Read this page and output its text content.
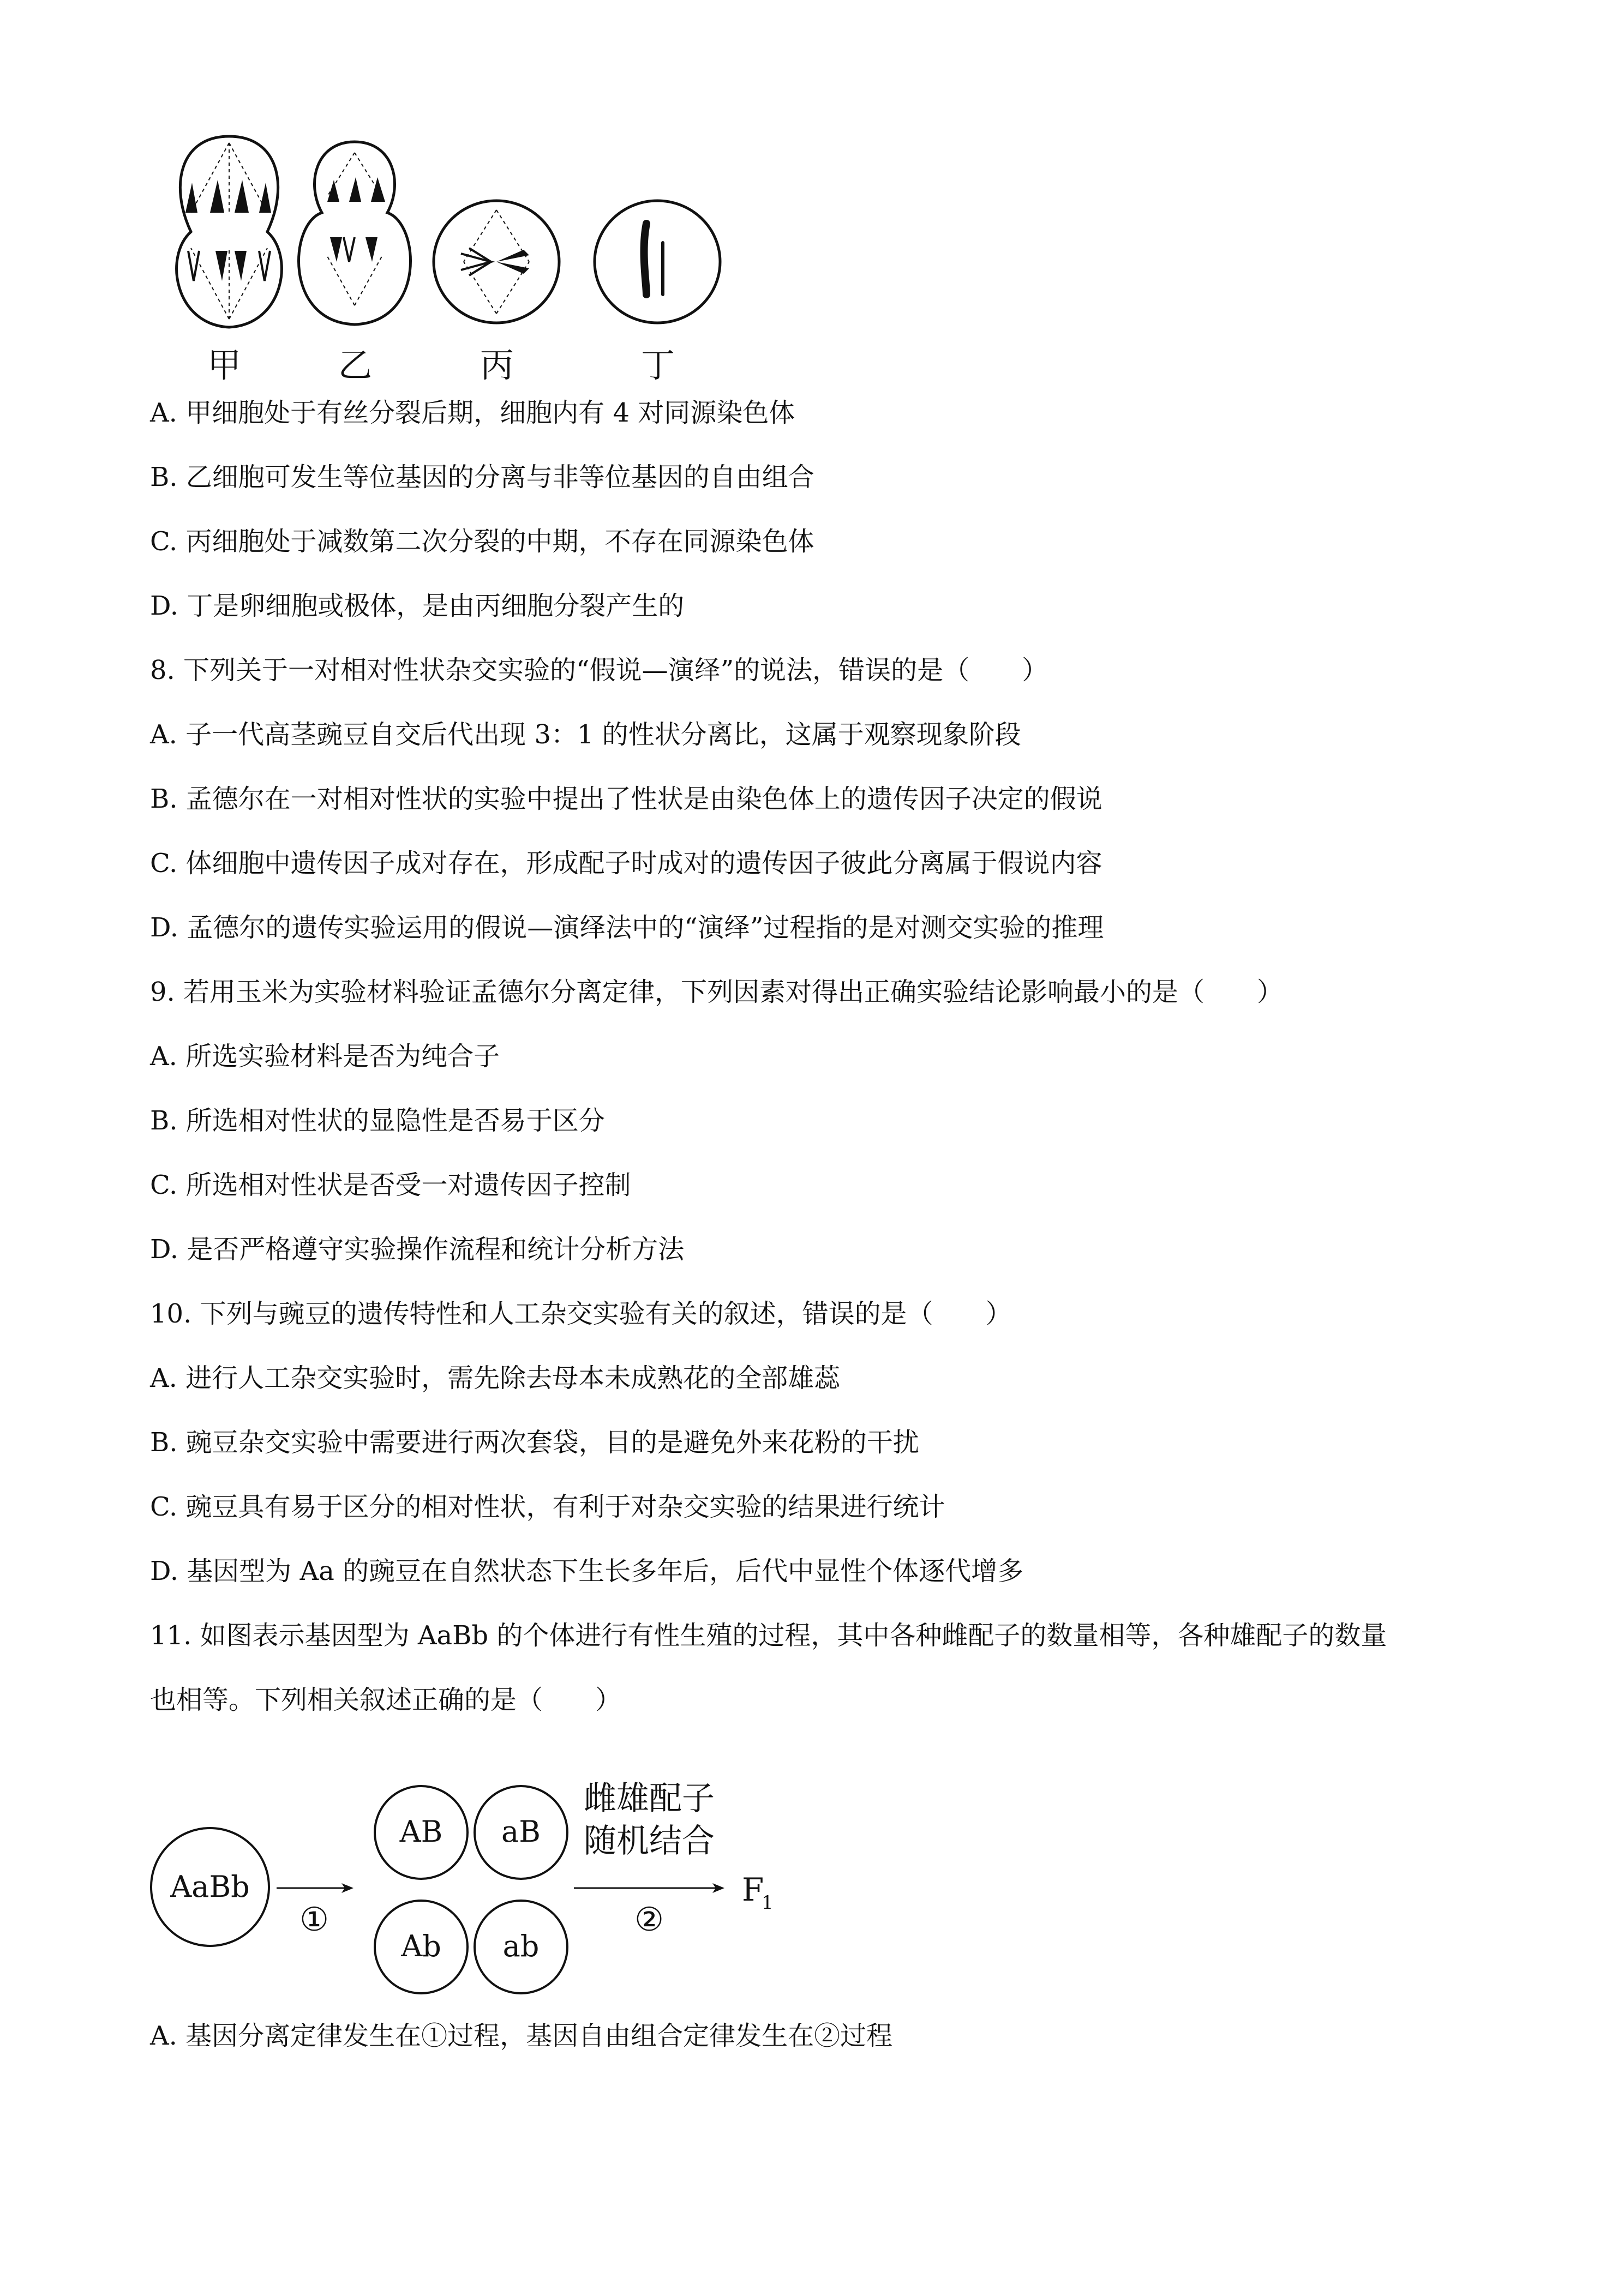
甲	乙	丙	丁
A. 甲细胞处于有丝分裂后期，细胞内有 4 对同源染色体
B. 乙细胞可发生等位基因的分离与非等位基因的自由组合
C. 丙细胞处于减数第二次分裂的中期，不存在同源染色体
D. 丁是卵细胞或极体，是由丙细胞分裂产生的
8. 下列关于一对相对性状杂交实验的“假说—演绎”的说法，错误的是（　　）
A. 子一代高茎豌豆自交后代出现 3：1 的性状分离比，这属于观察现象阶段
B. 孟德尔在一对相对性状的实验中提出了性状是由染色体上的遗传因子决定的假说
C. 体细胞中遗传因子成对存在，形成配子时成对的遗传因子彼此分离属于假说内容
D. 孟德尔的遗传实验运用的假说—演绎法中的“演绎”过程指的是对测交实验的推理
9. 若用玉米为实验材料验证孟德尔分离定律，下列因素对得出正确实验结论影响最小的是（　　）
A. 所选实验材料是否为纯合子
B. 所选相对性状的显隐性是否易于区分
C. 所选相对性状是否受一对遗传因子控制
D. 是否严格遵守实验操作流程和统计分析方法
10. 下列与豌豆的遗传特性和人工杂交实验有关的叙述，错误的是（　　）
A. 进行人工杂交实验时，需先除去母本未成熟花的全部雄蕊
B. 豌豆杂交实验中需要进行两次套袋，目的是避免外来花粉的干扰
C. 豌豆具有易于区分的相对性状，有利于对杂交实验的结果进行统计
D. 基因型为 Aa 的豌豆在自然状态下生长多年后，后代中显性个体逐代增多
11. 如图表示基因型为 AaBb 的个体进行有性生殖的过程，其中各种雌配子的数量相等，各种雄配子的数量
也相等。下列相关叙述正确的是（　　）
AaBb
①
AB aB
Ab ab
雌雄配子
随机结合
②
F
1
A. 基因分离定律发生在①过程，基因自由组合定律发生在②过程
